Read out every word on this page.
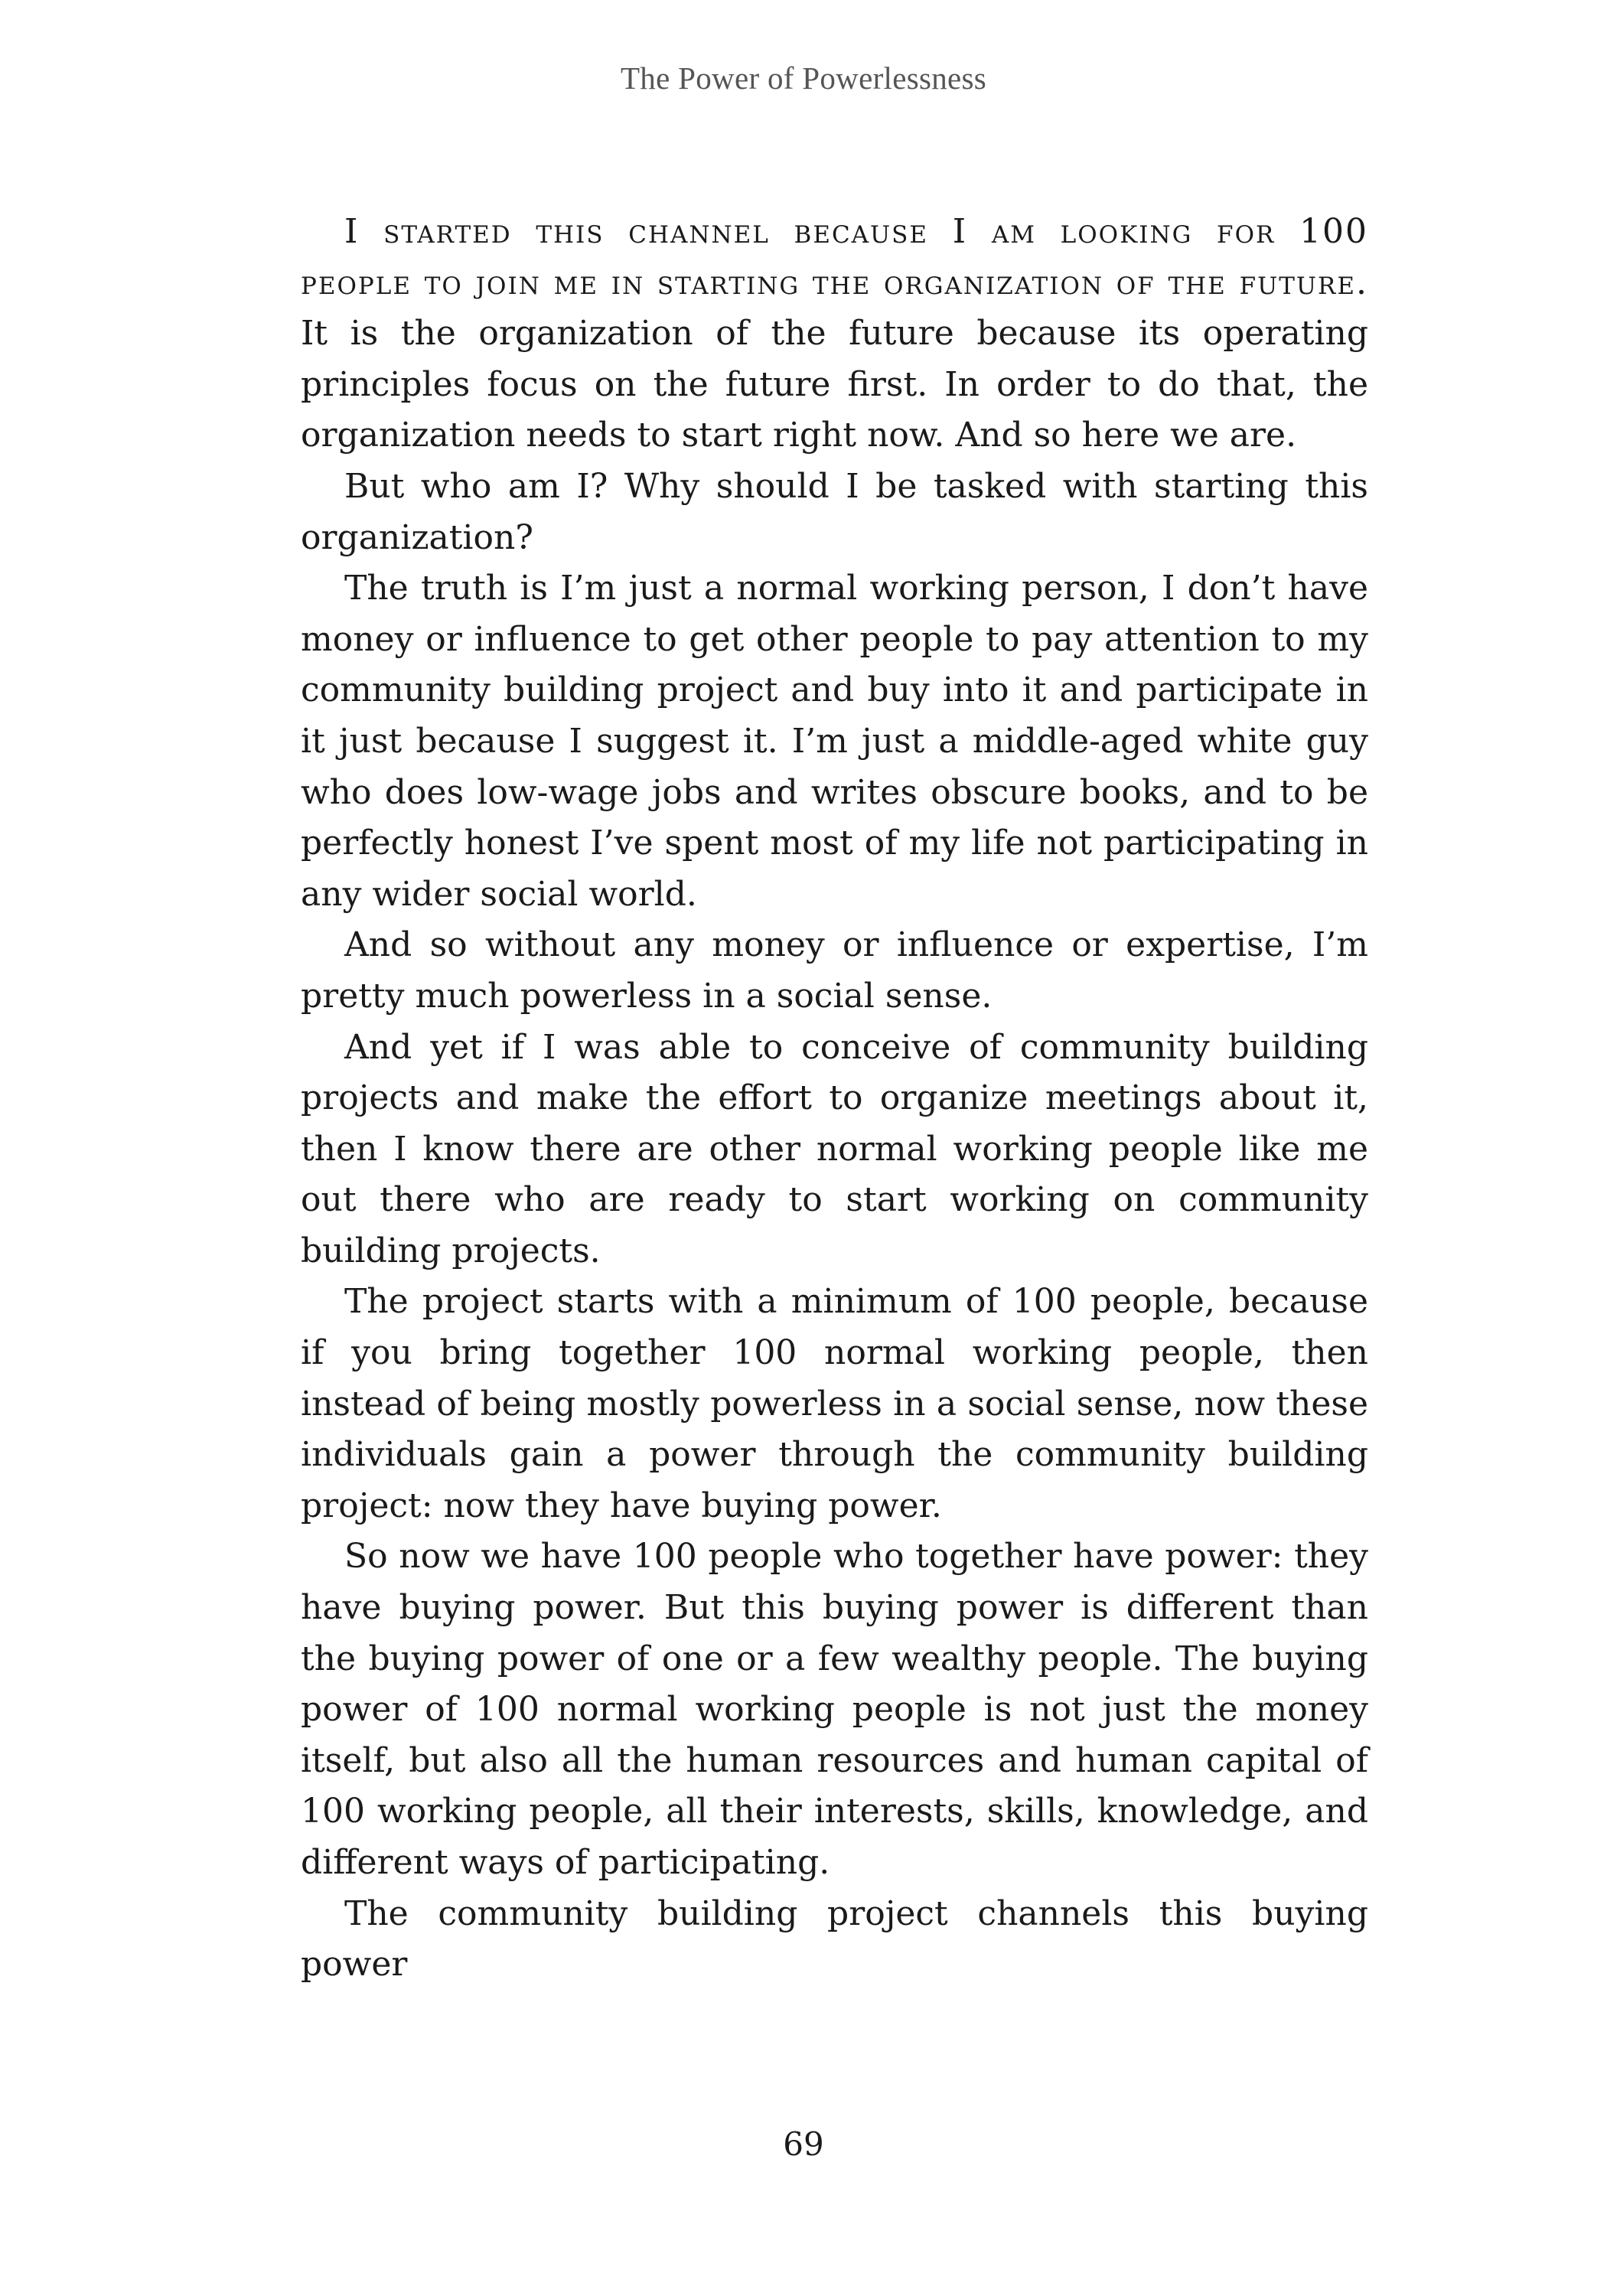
The Power of Powerlessness

I started this channel because I am looking for 100 people to join me in starting the organization of the future. It is the organization of the future because its operating principles focus on the future first. In order to do that, the organization needs to start right now. And so here we are.

But who am I? Why should I be tasked with starting this organization?

The truth is I’m just a normal working person, I don’t have money or influence to get other people to pay attention to my community building project and buy into it and participate in it just because I suggest it. I’m just a middle-aged white guy who does low-wage jobs and writes obscure books, and to be perfectly honest I’ve spent most of my life not participating in any wider social world.

And so without any money or influence or expertise, I’m pretty much powerless in a social sense.

And yet if I was able to conceive of community building projects and make the effort to organize meetings about it, then I know there are other normal working people like me out there who are ready to start working on community building projects.

The project starts with a minimum of 100 people, because if you bring together 100 normal working people, then instead of being mostly powerless in a social sense, now these individuals gain a power through the community building project: now they have buying power.

So now we have 100 people who together have power: they have buying power. But this buying power is different than the buying power of one or a few wealthy people. The buying power of 100 normal working people is not just the money itself, but also all the human resources and human capital of 100 working people, all their interests, skills, knowledge, and different ways of participating.

The community building project channels this buying power

69
